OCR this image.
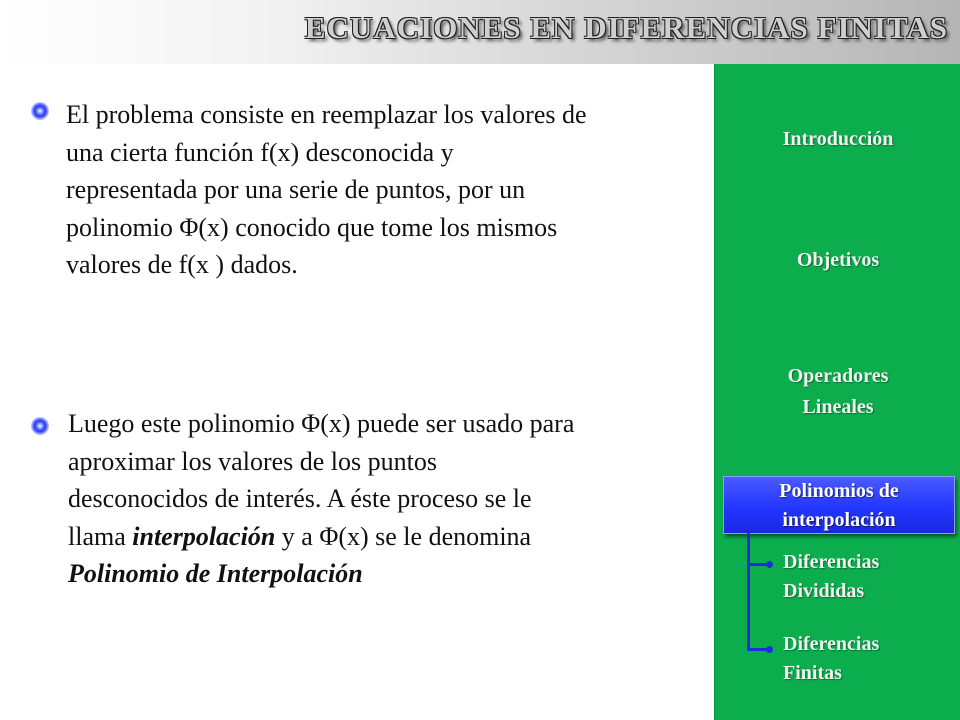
ECUACIONES EN DIFERENCIAS FINITAS

El problema consiste en reemplazar los valores de
una cierta función f(x) desconocida y
representada por una serie de puntos, por un
polinomio Φ(x) conocido que tome los mismos
valores de f(x ) dados.

Luego este polinomio Φ(x) puede ser usado para
aproximar los valores de los puntos
desconocidos de interés. A éste proceso se le
llama interpolación y a Φ(x) se le denomina
Polinomio de Interpolación

Introducción
Objetivos
Operadores
Lineales
Polinomios de
interpolación
Diferencias
Divididas
Diferencias
Finitas
